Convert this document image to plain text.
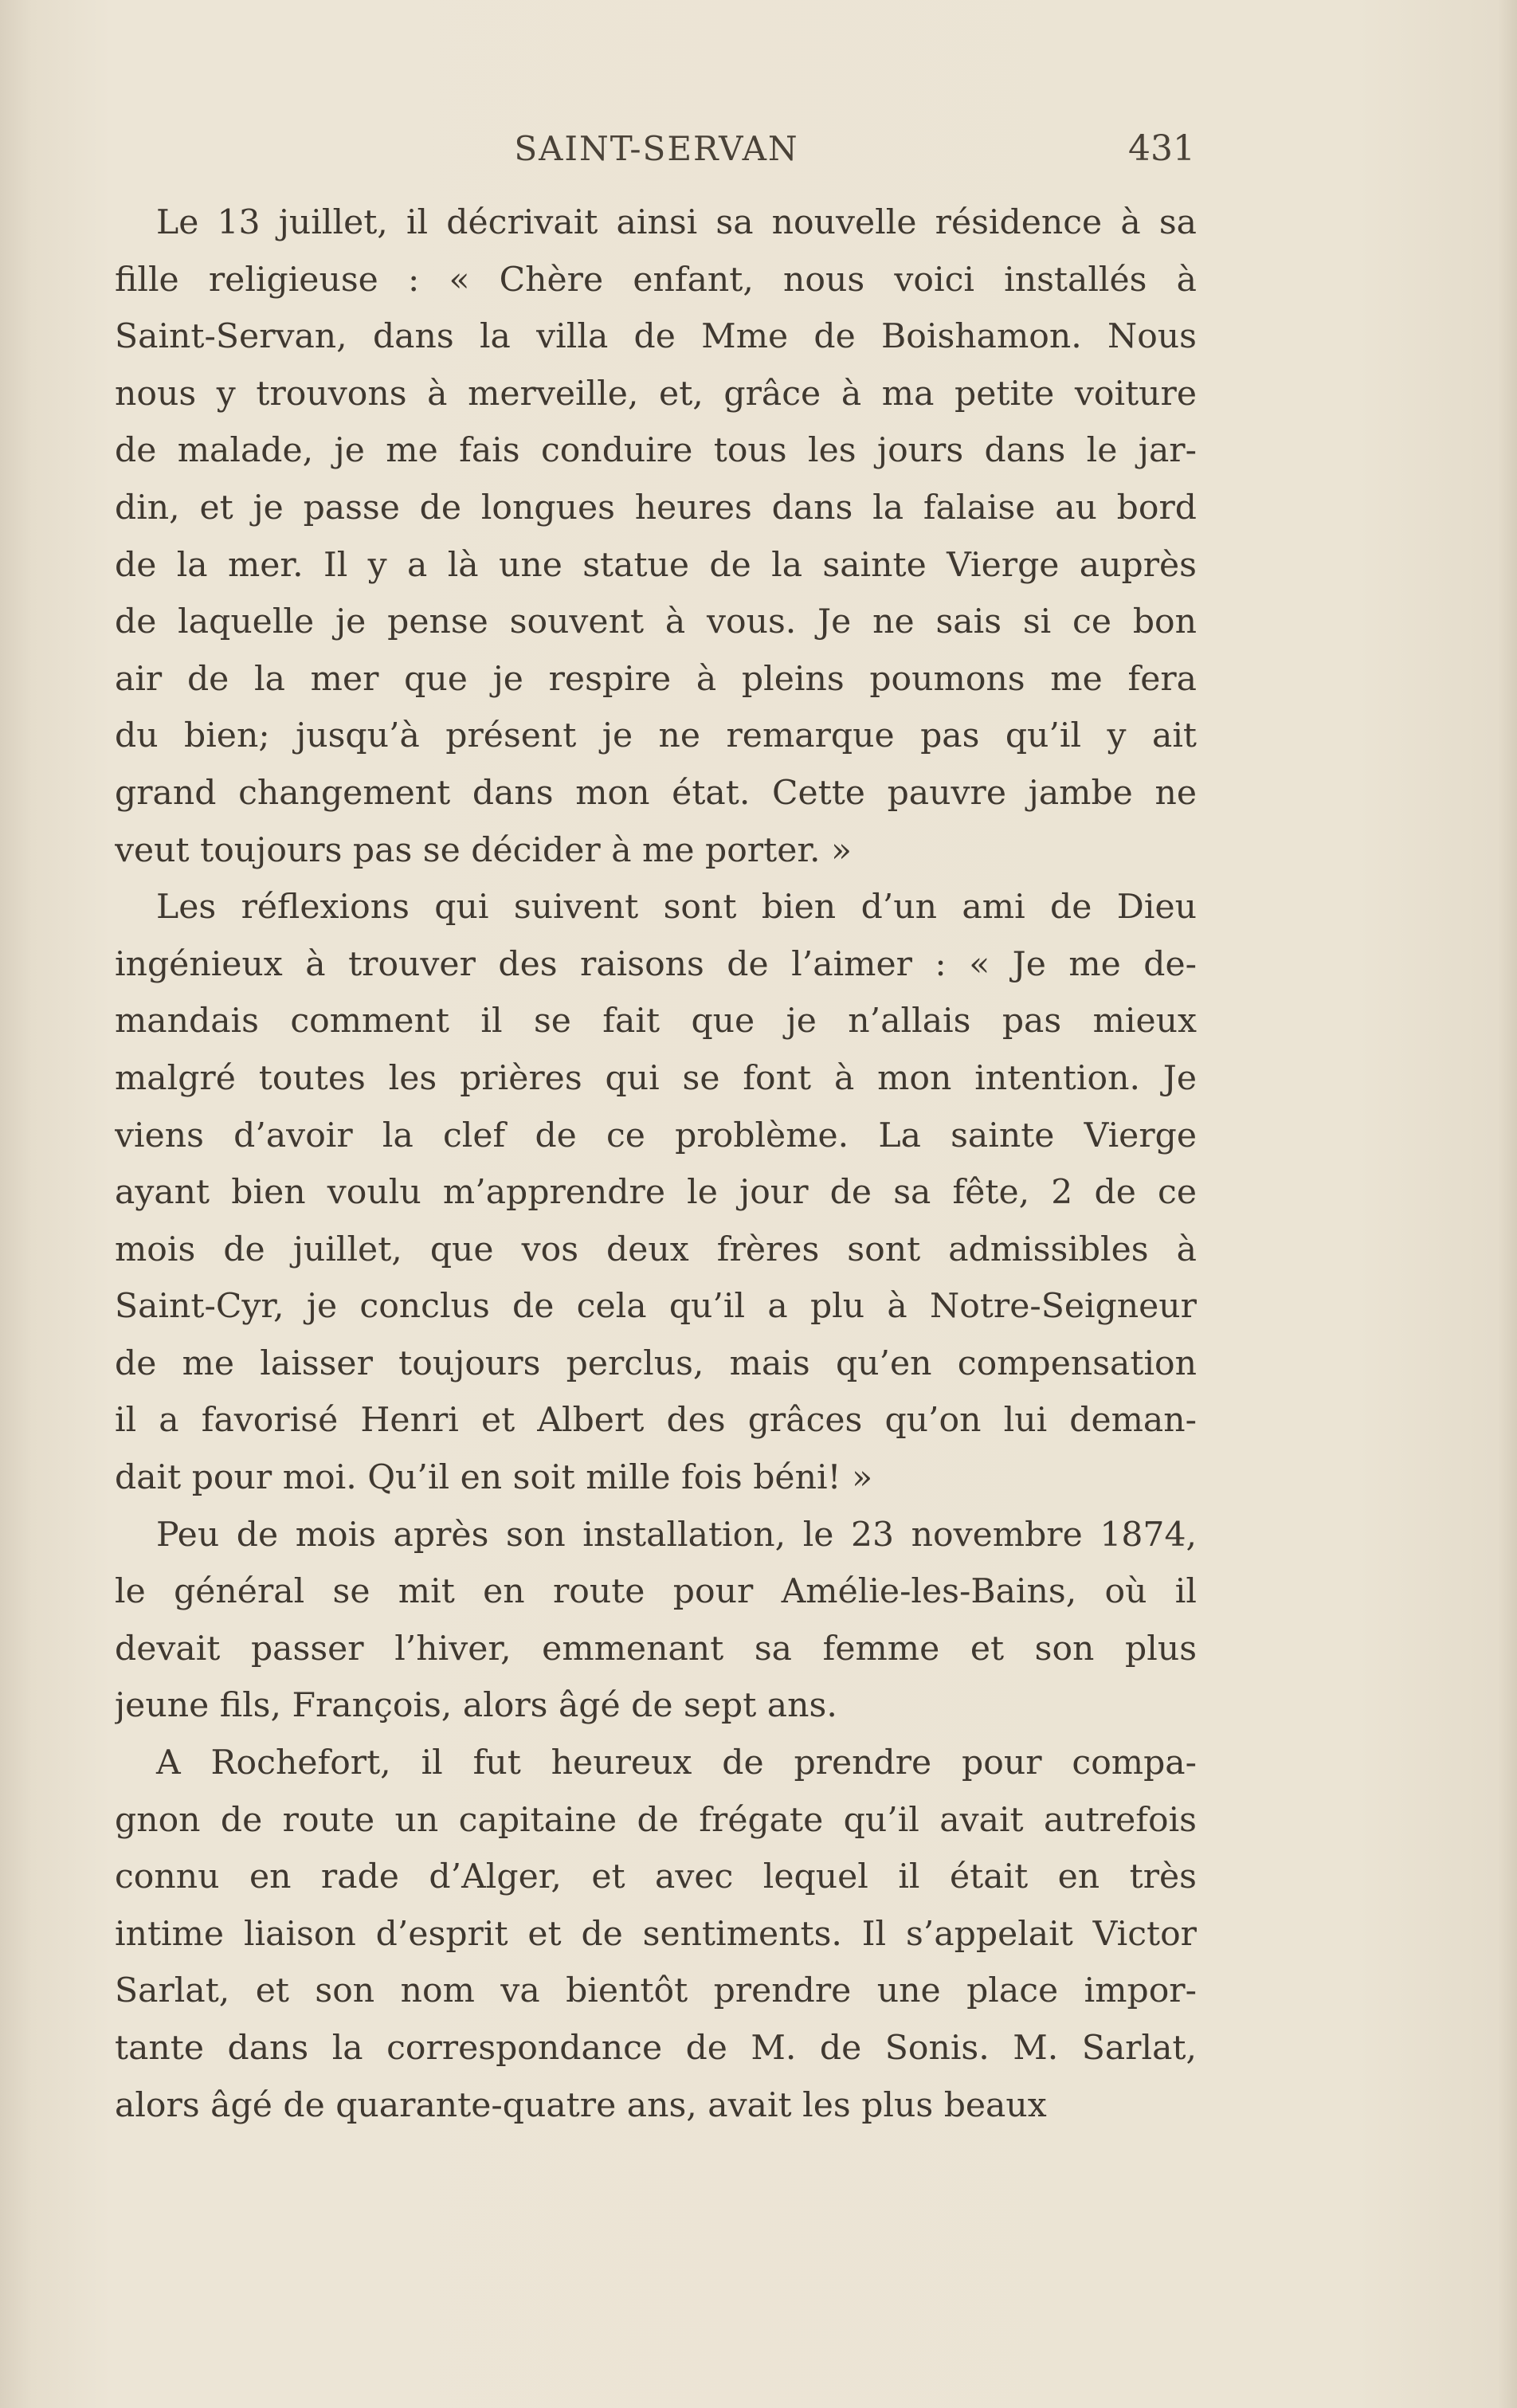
SAINT-SERVAN	431
Le 13 juillet, il décrivait ainsi sa nouvelle résidence à sa
fille religieuse : « Chère enfant, nous voici installés à
Saint-Servan, dans la villa de Mme de Boishamon. Nous
nous y trouvons à merveille, et, grâce à ma petite voiture
de malade, je me fais conduire tous les jours dans le jar-
din, et je passe de longues heures dans la falaise au bord
de la mer. Il y a là une statue de la sainte Vierge auprès
de laquelle je pense souvent à vous. Je ne sais si ce bon
air de la mer que je respire à pleins poumons me fera
du bien; jusqu’à présent je ne remarque pas qu’il y ait
grand changement dans mon état. Cette pauvre jambe ne
veut toujours pas se décider à me porter. »
Les réflexions qui suivent sont bien d’un ami de Dieu
ingénieux à trouver des raisons de l’aimer : « Je me de-
mandais comment il se fait que je n’allais pas mieux
malgré toutes les prières qui se font à mon intention. Je
viens d’avoir la clef de ce problème. La sainte Vierge
ayant bien voulu m’apprendre le jour de sa fête, 2 de ce
mois de juillet, que vos deux frères sont admissibles à
Saint-Cyr, je conclus de cela qu’il a plu à Notre-Seigneur
de me laisser toujours perclus, mais qu’en compensation
il a favorisé Henri et Albert des grâces qu’on lui deman-
dait pour moi. Qu’il en soit mille fois béni! »
Peu de mois après son installation, le 23 novembre 1874,
le général se mit en route pour Amélie-les-Bains, où il
devait passer l’hiver, emmenant sa femme et son plus
jeune fils, François, alors âgé de sept ans.
A Rochefort, il fut heureux de prendre pour compa-
gnon de route un capitaine de frégate qu’il avait autrefois
connu en rade d’Alger, et avec lequel il était en très
intime liaison d’esprit et de sentiments. Il s’appelait Victor
Sarlat, et son nom va bientôt prendre une place impor-
tante dans la correspondance de M. de Sonis. M. Sarlat,
alors âgé de quarante-quatre ans, avait les plus beaux
